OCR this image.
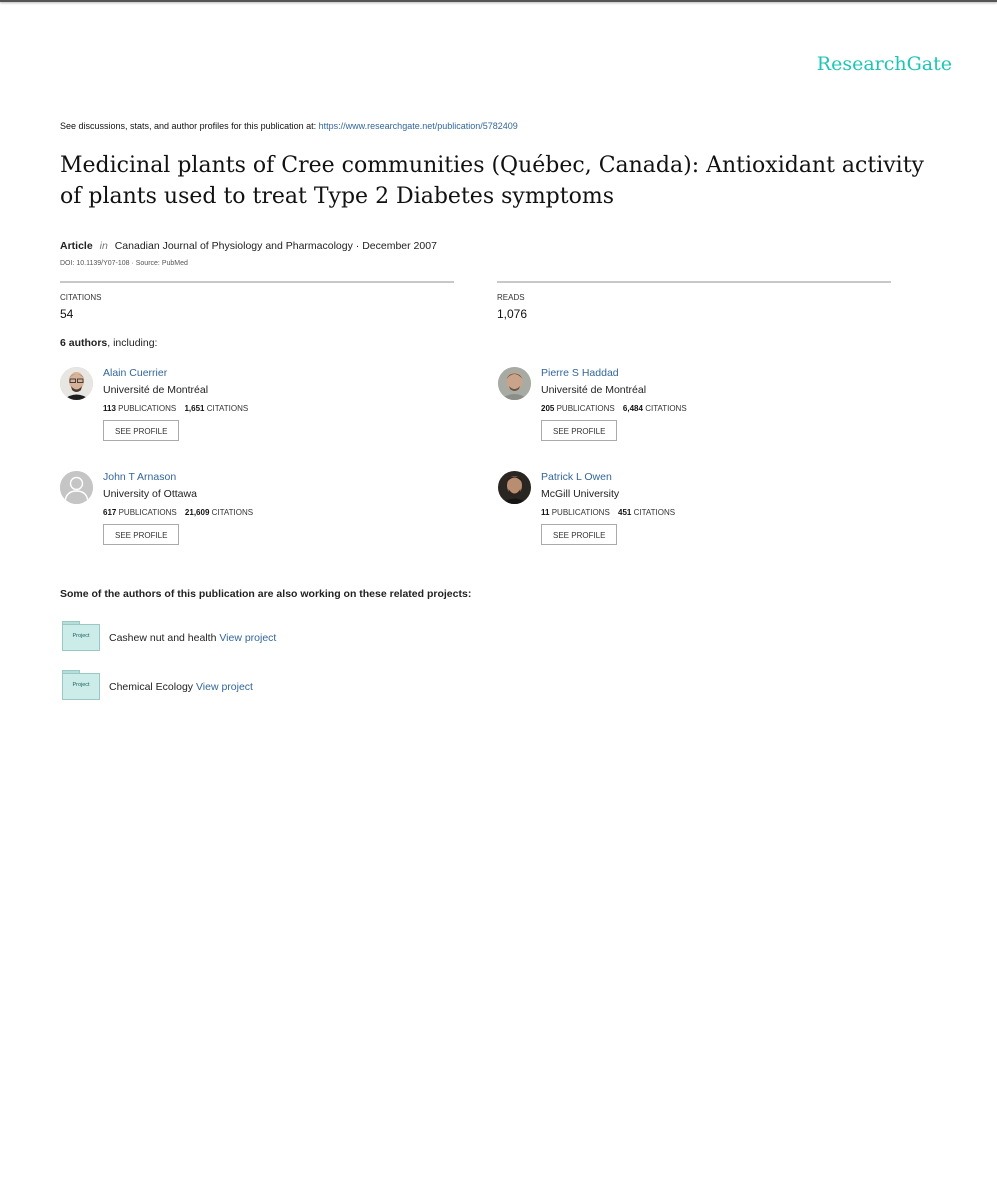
ResearchGate
See discussions, stats, and author profiles for this publication at: https://www.researchgate.net/publication/5782409
Medicinal plants of Cree communities (Québec, Canada): Antioxidant activity of plants used to treat Type 2 Diabetes symptoms
Article in Canadian Journal of Physiology and Pharmacology · December 2007
DOI: 10.1139/Y07-108 · Source: PubMed
CITATIONS
54
READS
1,076
6 authors, including:
Alain Cuerrier
Université de Montréal
113 PUBLICATIONS 1,651 CITATIONS
SEE PROFILE
Pierre S Haddad
Université de Montréal
205 PUBLICATIONS 6,484 CITATIONS
SEE PROFILE
John T Arnason
University of Ottawa
617 PUBLICATIONS 21,609 CITATIONS
SEE PROFILE
Patrick L Owen
McGill University
11 PUBLICATIONS 451 CITATIONS
SEE PROFILE
Some of the authors of this publication are also working on these related projects:
Project	Cashew nut and health View project
Project	Chemical Ecology View project
